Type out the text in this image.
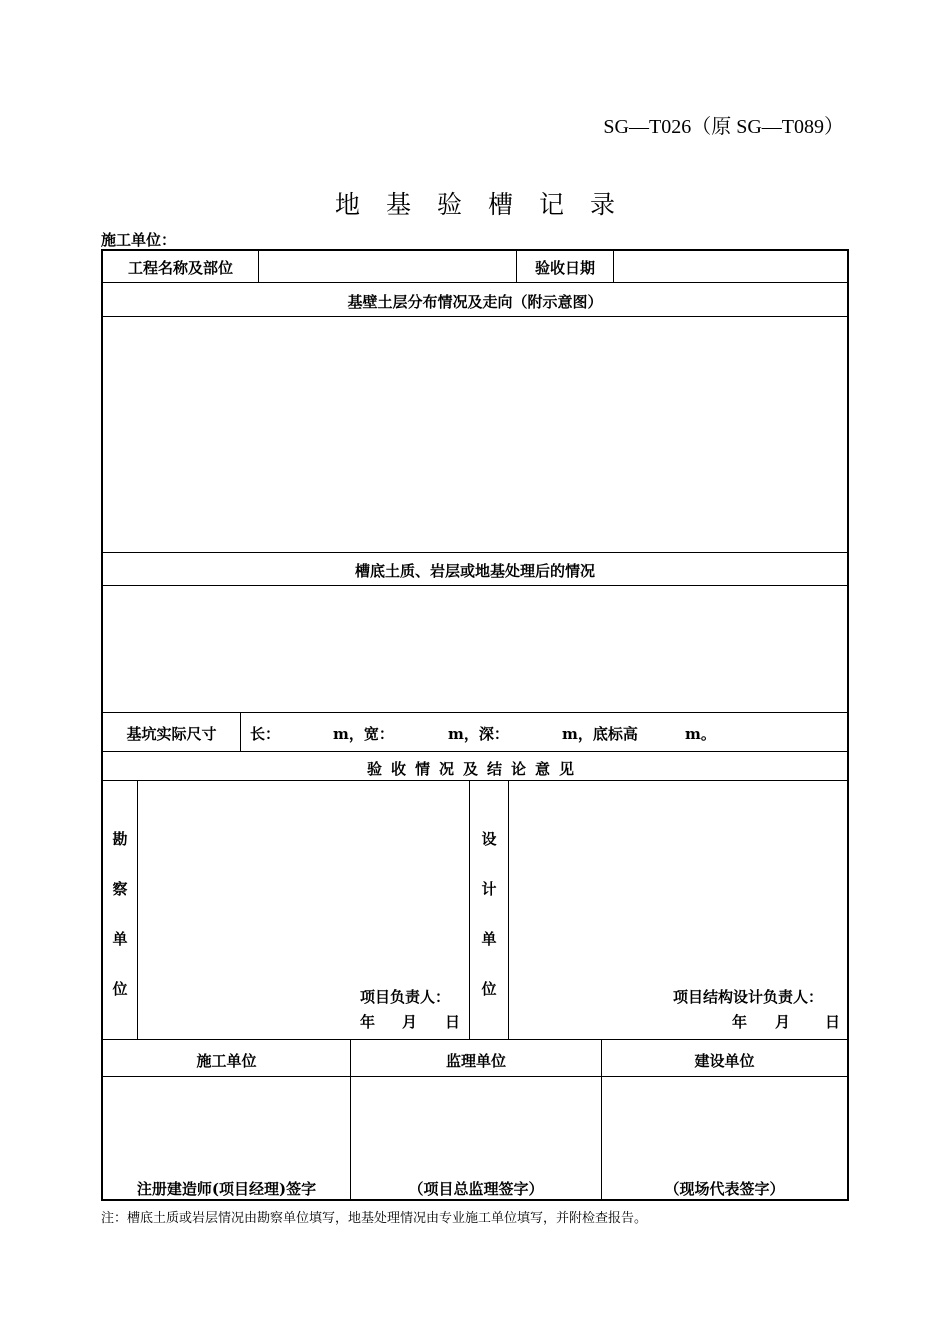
SG—T026（原 SG—T089）
地基验槽记录
施工单位：
工程名称及部位	验收日期
基壁土层分布情况及走向（附示意图）
槽底土质、岩层或地基处理后的情况
基坑实际尺寸	长：	m，宽：	m，深：	m，底标高	m。
验收情况及结论意见
勘
察
单
位	项目负责人：
年 月 日
设
计
单
位	项目结构设计负责人：
年 月 日
施工单位	监理单位	建设单位
注册建造师(项目经理)签字	（项目总监理签字）	（现场代表签字）
注：槽底土质或岩层情况由勘察单位填写，地基处理情况由专业施工单位填写，并附检查报告。
